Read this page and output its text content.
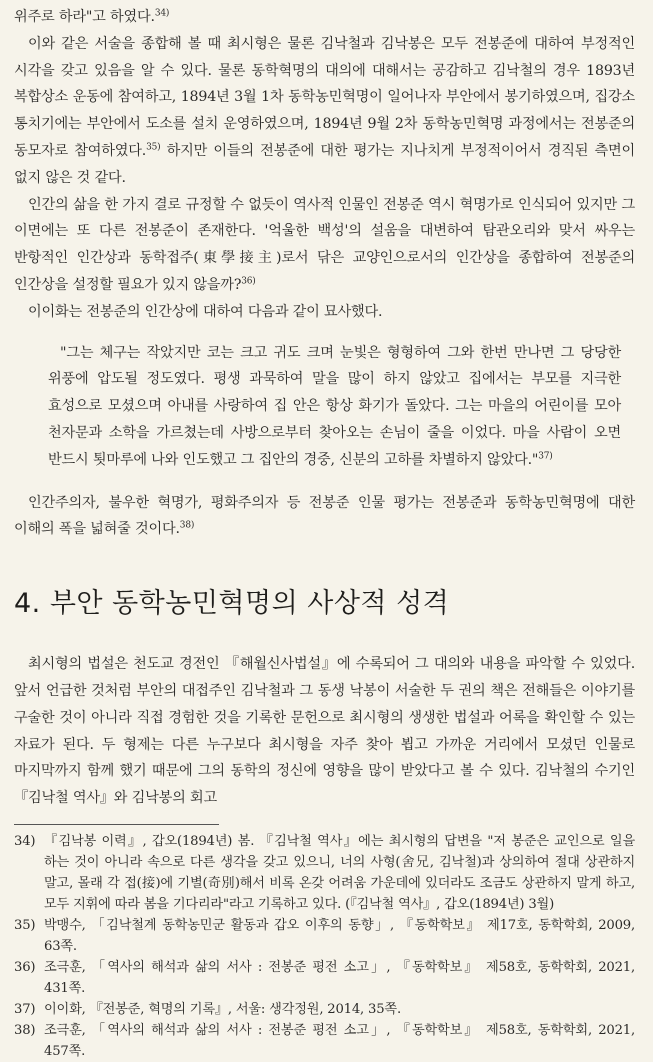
위주로 하라"고 하였다.$^{34)}$

이와 같은 서술을 종합해 볼 때 최시형은 물론 김낙철과 김낙봉은 모두 전봉준에 대하여 부정적인 시각을 갖고 있음을 알 수 있다. 물론 동학혁명의 대의에 대해서는 공감하고 김낙철의 경우 1893년 복합상소 운동에 참여하고, 1894년 3월 1차 동학농민혁명이 일어나자 부안에서 봉기하였으며, 집강소 통치기에는 부안에서 도소를 설치 운영하였으며, 1894년 9월 2차 동학농민혁명 과정에서는 전봉준의 동모자로 참여하였다.$^{35)}$ 하지만 이들의 전봉준에 대한 평가는 지나치게 부정적이어서 경직된 측면이 없지 않은 것 같다.

인간의 삶을 한 가지 결로 규정할 수 없듯이 역사적 인물인 전봉준 역시 혁명가로 인식되어 있지만 그 이면에는 또 다른 전봉준이 존재한다. '억울한 백성'의 설움을 대변하여 탐관오리와 맞서 싸우는 반항적인 인간상과 동학접주(東學接主)로서 닦은 교양인으로서의 인간상을 종합하여 전봉준의 인간상을 설정할 필요가 있지 않을까?$^{36)}$

이이화는 전봉준의 인간상에 대하여 다음과 같이 묘사했다.

"그는 체구는 작았지만 코는 크고 귀도 크며 눈빛은 형형하여 그와 한번 만나면 그 당당한 위풍에 압도될 정도였다. 평생 과묵하여 말을 많이 하지 않았고 집에서는 부모를 지극한 효성으로 모셨으며 아내를 사랑하여 집 안은 항상 화기가 돌았다. 그는 마을의 어린이를 모아 천자문과 소학을 가르쳤는데 사방으로부터 찾아오는 손님이 줄을 이었다. 마을 사람이 오면 반드시 툇마루에 나와 인도했고 그 집안의 경중, 신분의 고하를 차별하지 않았다."$^{37)}$

인간주의자, 불우한 혁명가, 평화주의자 등 전봉준 인물 평가는 전봉준과 동학농민혁명에 대한 이해의 폭을 넓혀줄 것이다.$^{38)}$

4. 부안 동학농민혁명의 사상적 성격

최시형의 법설은 천도교 경전인 『해월신사법설』에 수록되어 그 대의와 내용을 파악할 수 있었다. 앞서 언급한 것처럼 부안의 대접주인 김낙철과 그 동생 낙봉이 서술한 두 권의 책은 전해들은 이야기를 구술한 것이 아니라 직접 경험한 것을 기록한 문헌으로 최시형의 생생한 법설과 어록을 확인할 수 있는 자료가 된다. 두 형제는 다른 누구보다 최시형을 자주 찾아 뵙고 가까운 거리에서 모셨던 인물로 마지막까지 함께 했기 때문에 그의 동학의 정신에 영향을 많이 받았다고 볼 수 있다. 김낙철의 수기인 『김낙철 역사』와 김낙봉의 회고

34) 『김낙봉 이력』, 갑오(1894년) 봄. 『김낙철 역사』에는 최시형의 답변을 "저 봉준은 교인으로 일을 하는 것이 아니라 속으로 다른 생각을 갖고 있으니, 너의 사형(舍兄, 김낙철)과 상의하여 절대 상관하지 말고, 몰래 각 접(接)에 기별(奇別)해서 비록 온갖 어려움 가운데에 있더라도 조금도 상관하지 말게 하고, 모두 지휘에 따라 봄을 기다리라"라고 기록하고 있다. (『김낙철 역사』, 갑오(1894년) 3월)

35) 박맹수, 「김낙철계 동학농민군 활동과 갑오 이후의 동향」, 『동학학보』 제17호, 동학학회, 2009, 63쪽.

36) 조극훈, 「역사의 해석과 삶의 서사 : 전봉준 평전 소고」, 『동학학보』 제58호, 동학학회, 2021, 431쪽.

37) 이이화, 『전봉준, 혁명의 기록』, 서울: 생각정원, 2014, 35쪽.

38) 조극훈, 「역사의 해석과 삶의 서사 : 전봉준 평전 소고」, 『동학학보』 제58호, 동학학회, 2021, 457쪽.
